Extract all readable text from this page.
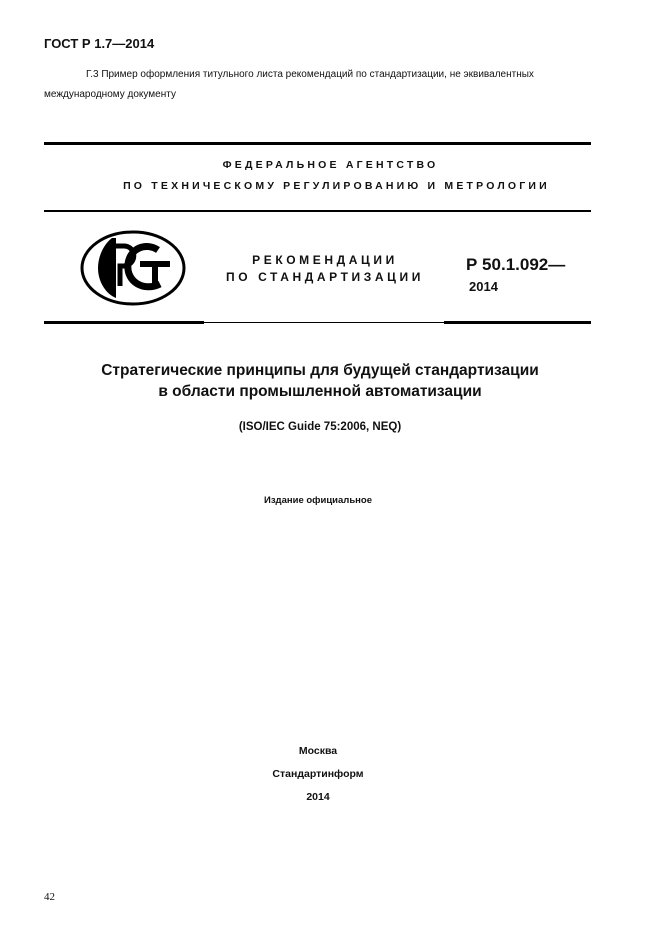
ГОСТ Р 1.7—2014
Г.3 Пример оформления титульного листа рекомендаций по стандартизации, не эквивалентных международному документу
ФЕДЕРАЛЬНОЕ АГЕНТСТВО
ПО ТЕХНИЧЕСКОМУ РЕГУЛИРОВАНИЮ И МЕТРОЛОГИИ
РЕКОМЕНДАЦИИ
ПО СТАНДАРТИЗАЦИИ
Р 50.1.092—
2014
Стратегические принципы для будущей стандартизации
в области промышленной автоматизации
(ISO/IEC Guide 75:2006, NEQ)
Издание официальное
Москва
Стандартинформ
2014
42
